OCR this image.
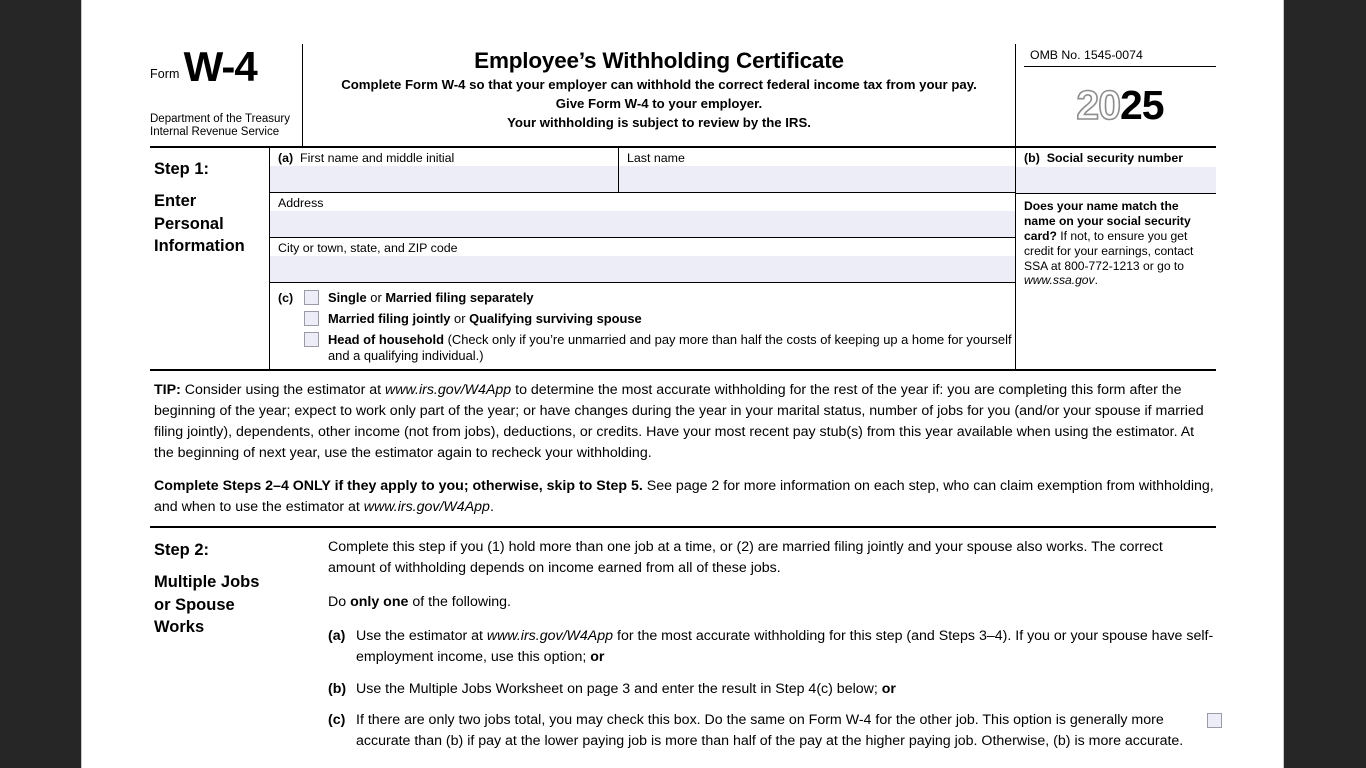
Form W-4
Department of the Treasury
Internal Revenue Service
Employee’s Withholding Certificate
Complete Form W-4 so that your employer can withhold the correct federal income tax from your pay.
Give Form W-4 to your employer.
Your withholding is subject to review by the IRS.
OMB No. 1545-0074
2025
Step 1:
Enter
Personal
Information
(a) First name and middle initial	Last name
Address
City or town, state, and ZIP code
(c)	Single or Married filing separately
Married filing jointly or Qualifying surviving spouse
Head of household (Check only if you’re unmarried and pay more than half the costs of keeping up a home for yourself and a qualifying individual.)
(b) Social security number
Does your name match the name on your social security card? If not, to ensure you get credit for your earnings, contact SSA at 800-772-1213 or go to www.ssa.gov.
TIP: Consider using the estimator at www.irs.gov/W4App to determine the most accurate withholding for the rest of the year if: you are completing this form after the beginning of the year; expect to work only part of the year; or have changes during the year in your marital status, number of jobs for you (and/or your spouse if married filing jointly), dependents, other income (not from jobs), deductions, or credits. Have your most recent pay stub(s) from this year available when using the estimator. At the beginning of next year, use the estimator again to recheck your withholding.
Complete Steps 2–4 ONLY if they apply to you; otherwise, skip to Step 5. See page 2 for more information on each step, who can claim exemption from withholding, and when to use the estimator at www.irs.gov/W4App.
Step 2:
Multiple Jobs
or Spouse
Works
Complete this step if you (1) hold more than one job at a time, or (2) are married filing jointly and your spouse also works. The correct amount of withholding depends on income earned from all of these jobs.
Do only one of the following.
(a) Use the estimator at www.irs.gov/W4App for the most accurate withholding for this step (and Steps 3–4). If you or your spouse have self-employment income, use this option; or
(b) Use the Multiple Jobs Worksheet on page 3 and enter the result in Step 4(c) below; or
(c) If there are only two jobs total, you may check this box. Do the same on Form W-4 for the other job. This option is generally more accurate than (b) if pay at the lower paying job is more than half of the pay at the higher paying job. Otherwise, (b) is more accurate.
